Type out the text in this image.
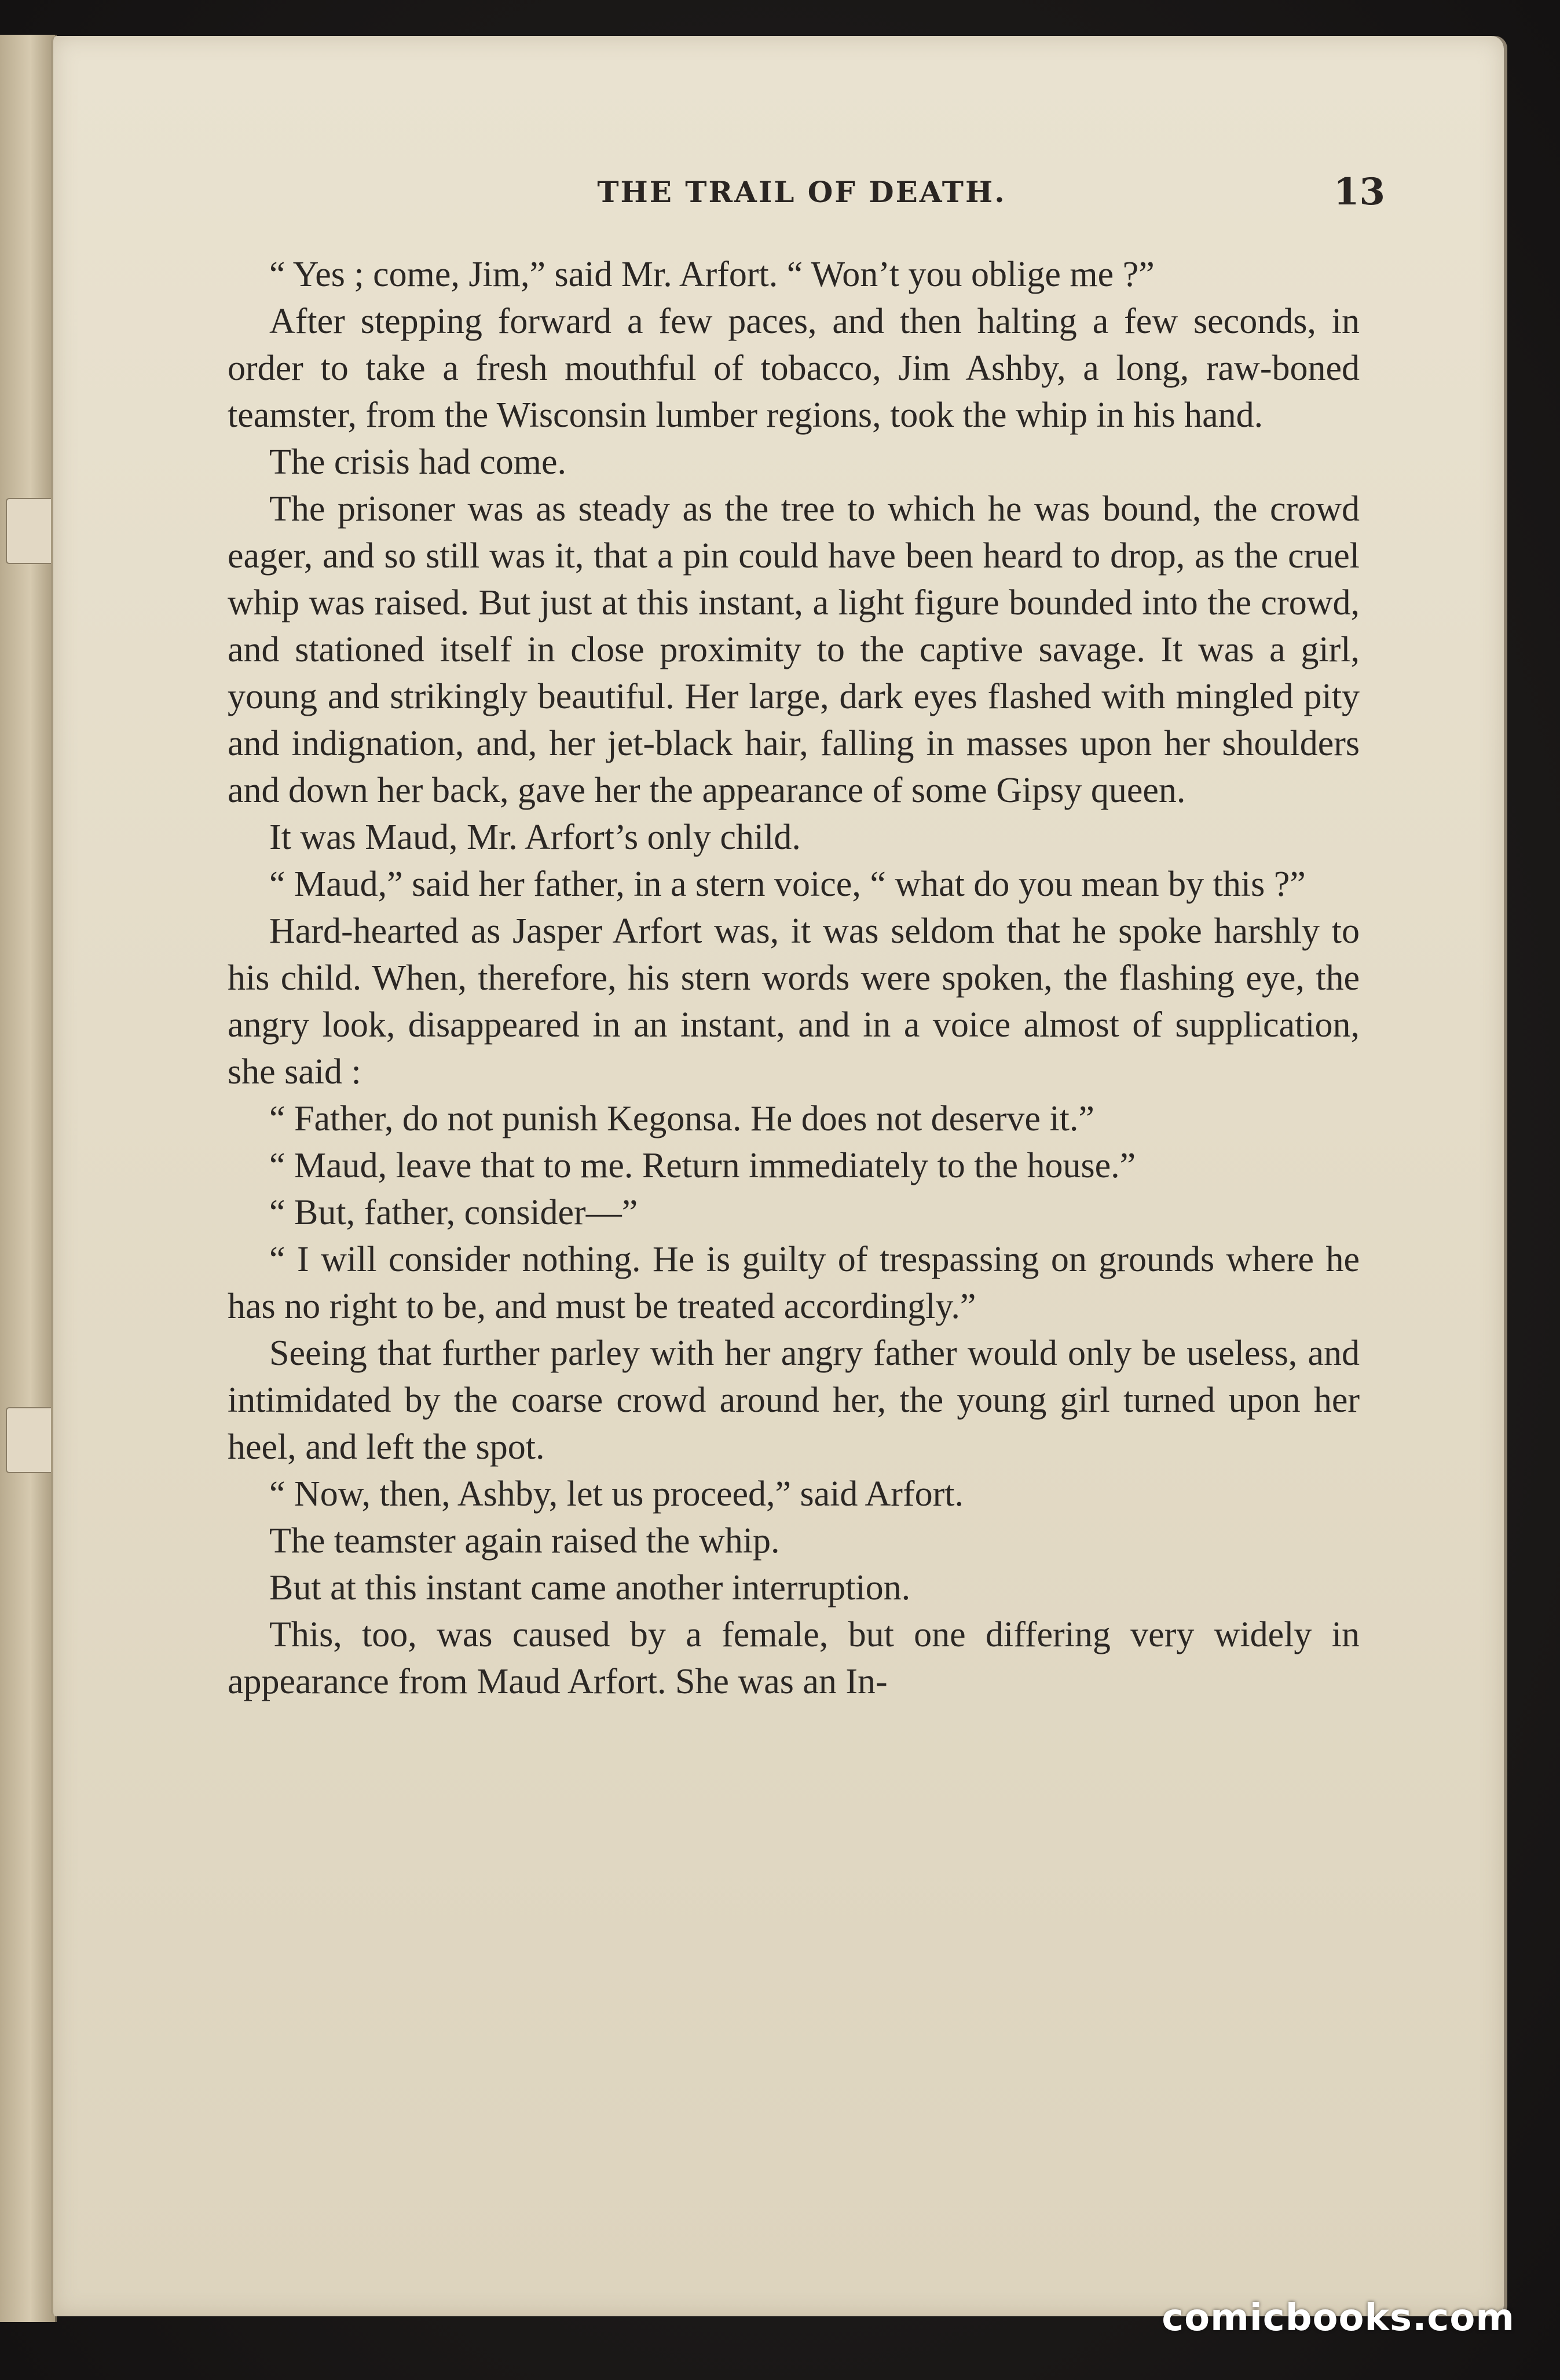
THE TRAIL OF DEATH.	13

“ Yes ; come, Jim,” said Mr. Arfort. “ Won’t you oblige me ?”

After stepping forward a few paces, and then halting a few seconds, in order to take a fresh mouthful of tobacco, Jim Ashby, a long, raw-boned teamster, from the Wisconsin lumber regions, took the whip in his hand.

The crisis had come.

The prisoner was as steady as the tree to which he was bound, the crowd eager, and so still was it, that a pin could have been heard to drop, as the cruel whip was raised. But just at this instant, a light figure bounded into the crowd, and stationed itself in close proximity to the captive savage. It was a girl, young and strikingly beautiful. Her large, dark eyes flashed with mingled pity and indignation, and, her jet-black hair, falling in masses upon her shoulders and down her back, gave her the appearance of some Gipsy queen.

It was Maud, Mr. Arfort’s only child.

“ Maud,” said her father, in a stern voice, “ what do you mean by this ?”

Hard-hearted as Jasper Arfort was, it was seldom that he spoke harshly to his child. When, therefore, his stern words were spoken, the flashing eye, the angry look, disappeared in an instant, and in a voice almost of supplication, she said :

“ Father, do not punish Kegonsa. He does not deserve it.”

“ Maud, leave that to me. Return immediately to the house.”

“ But, father, consider—”

“ I will consider nothing. He is guilty of trespassing on grounds where he has no right to be, and must be treated accordingly.”

Seeing that further parley with her angry father would only be useless, and intimidated by the coarse crowd around her, the young girl turned upon her heel, and left the spot.

“ Now, then, Ashby, let us proceed,” said Arfort.

The teamster again raised the whip.

But at this instant came another interruption.

This, too, was caused by a female, but one differing very widely in appearance from Maud Arfort. She was an In-

comicbooks.com
